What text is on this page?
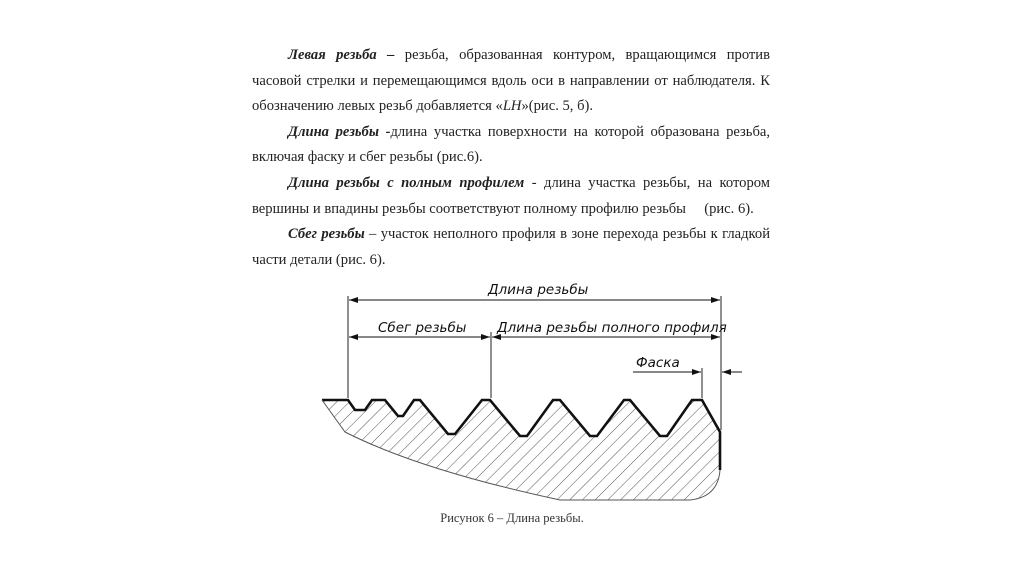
Левая резьба – резьба, образованная контуром, вращающимся против часовой стрелки и перемещающимся вдоль оси в направлении от наблюдателя. К обозначению левых резьб добавляется «LH»(рис. 5, б).

Длина резьбы -длина участка поверхности на которой образована резьба, включая фаску и сбег резьбы (рис.6).

Длина резьбы с полным профилем - длина участка резьбы, на котором вершины и впадины резьбы соответствуют полному профилю резьбы     (рис. 6).

Сбег резьбы – участок неполного профиля в зоне перехода резьбы к гладкой части детали (рис. 6).

Длина резьбы
Сбег резьбы Длина резьбы полного профиля
Фаска
Рисунок 6 – Длина резьбы.
